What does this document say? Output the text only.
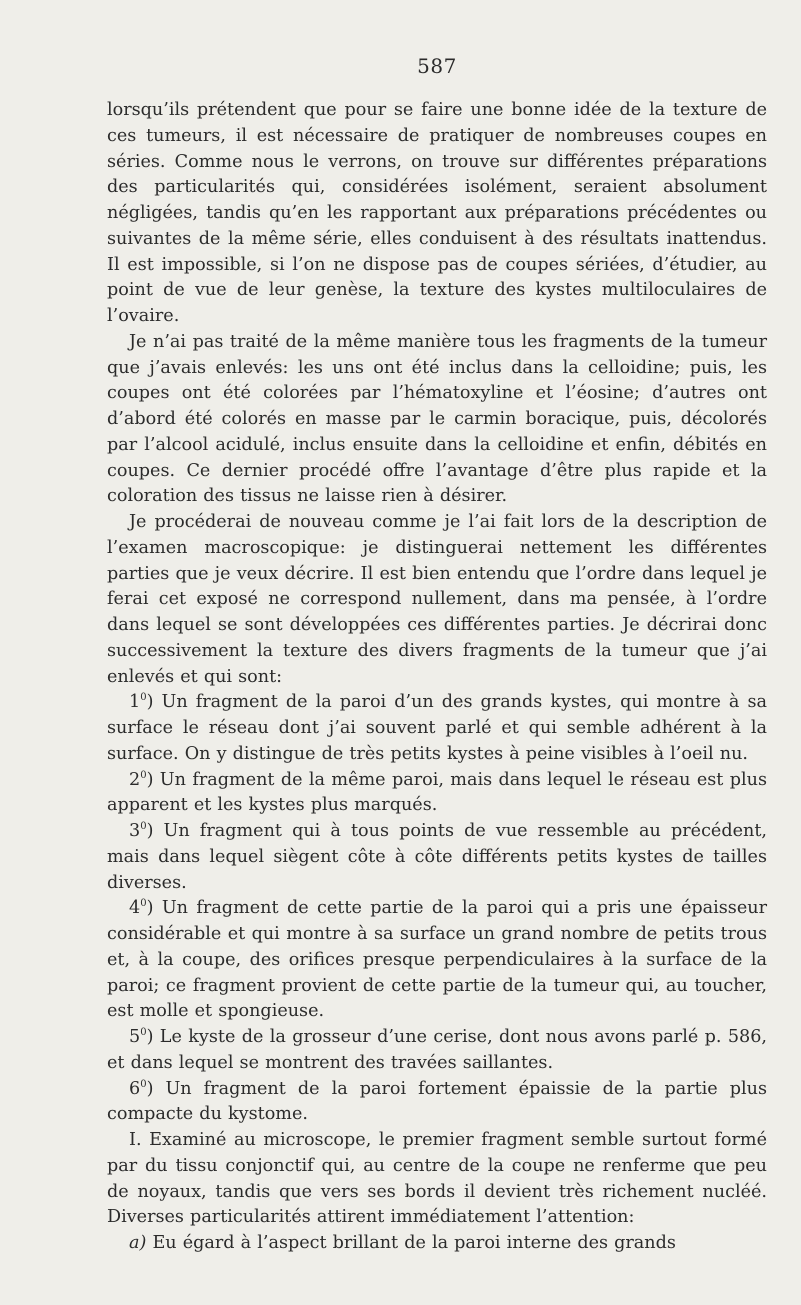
587

lorsqu’ils prétendent que pour se faire une bonne idée de la texture de ces tumeurs, il est nécessaire de pratiquer de nombreuses coupes en séries. Comme nous le verrons, on trouve sur différentes préparations des particularités qui, considérées isolément, seraient absolument négligées, tandis qu’en les rapportant aux préparations précédentes ou suivantes de la même série, elles conduisent à des résultats inattendus. Il est impossible, si l’on ne dispose pas de coupes sériées, d’étudier, au point de vue de leur genèse, la texture des kystes multiloculaires de l’ovaire.

Je n’ai pas traité de la même manière tous les fragments de la tumeur que j’avais enlevés: les uns ont été inclus dans la celloidine; puis, les coupes ont été colorées par l’hématoxyline et l’éosine; d’autres ont d’abord été colorés en masse par le carmin boracique, puis, décolorés par l’alcool acidulé, inclus ensuite dans la celloidine et enfin, débités en coupes. Ce dernier procédé offre l’avantage d’être plus rapide et la coloration des tissus ne laisse rien à désirer.

Je procéderai de nouveau comme je l’ai fait lors de la description de l’examen macroscopique: je distinguerai nettement les différentes parties que je veux décrire. Il est bien entendu que l’ordre dans lequel je ferai cet exposé ne correspond nullement, dans ma pensée, à l’ordre dans lequel se sont développées ces différentes parties. Je décrirai donc successivement la texture des divers fragments de la tumeur que j’ai enlevés et qui sont:

$1^0$) Un fragment de la paroi d’un des grands kystes, qui montre à sa surface le réseau dont j’ai souvent parlé et qui semble adhérent à la surface. On y distingue de très petits kystes à peine visibles à l’oeil nu.

$2^0$) Un fragment de la même paroi, mais dans lequel le réseau est plus apparent et les kystes plus marqués.

$3^0$) Un fragment qui à tous points de vue ressemble au précédent, mais dans lequel siègent côte à côte différents petits kystes de tailles diverses.

$4^0$) Un fragment de cette partie de la paroi qui a pris une épaisseur considérable et qui montre à sa surface un grand nombre de petits trous et, à la coupe, des orifices presque perpendiculaires à la surface de la paroi; ce fragment provient de cette partie de la tumeur qui, au toucher, est molle et spongieuse.

$5^0$) Le kyste de la grosseur d’une cerise, dont nous avons parlé p. 586, et dans lequel se montrent des travées saillantes.

$6^0$) Un fragment de la paroi fortement épaissie de la partie plus compacte du kystome.

I. Examiné au microscope, le premier fragment semble surtout formé par du tissu conjonctif qui, au centre de la coupe ne renferme que peu de noyaux, tandis que vers ses bords il devient très richement nucléé. Diverses particularités attirent immédiatement l’attention:

a) Eu égard à l’aspect brillant de la paroi interne des grands
